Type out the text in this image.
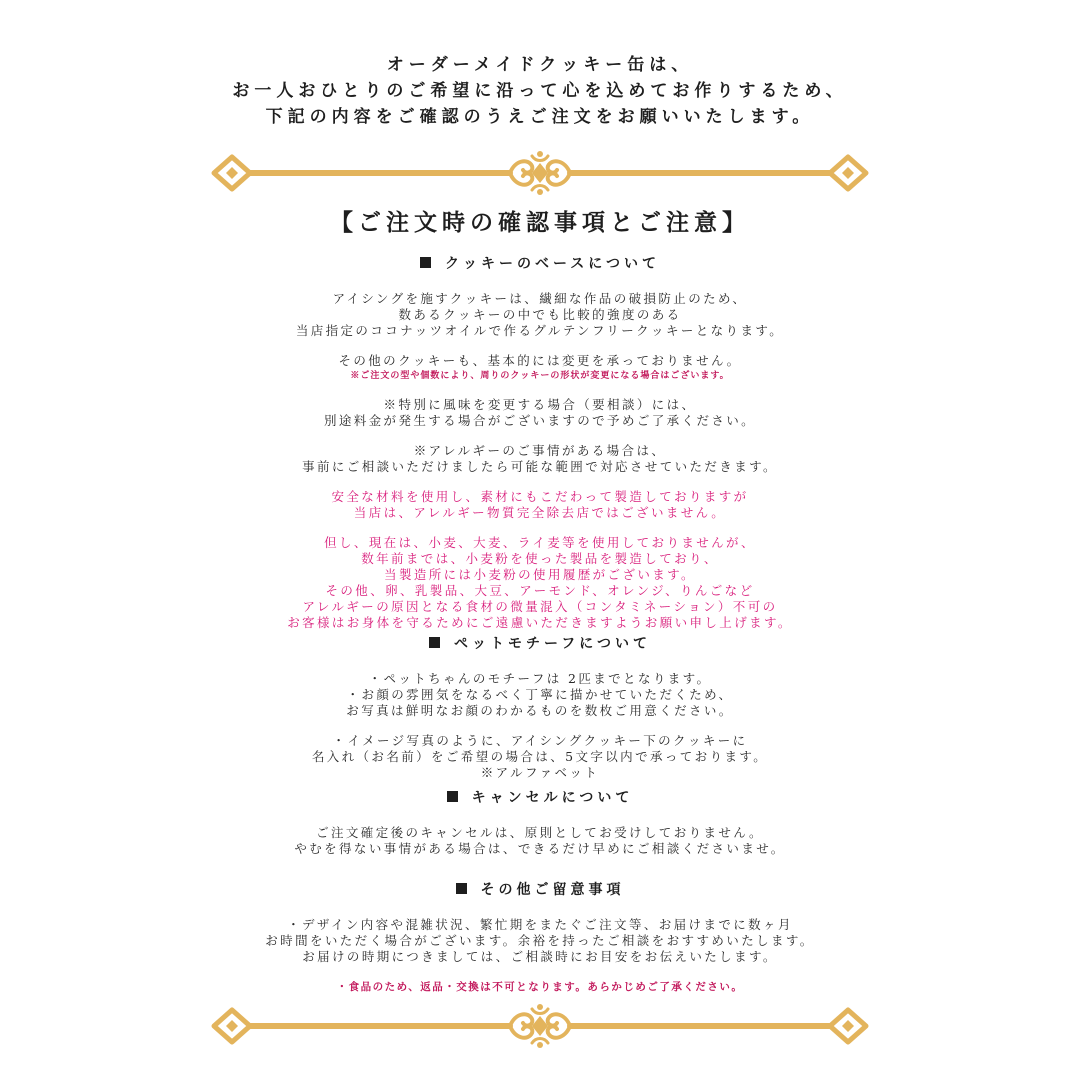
オーダーメイドクッキー缶は、

お一人おひとりのご希望に沿って心を込めてお作りするため、

下記の内容をご確認のうえご注文をお願いいたします。

【ご注文時の確認事項とご注意】
クッキーのベースについて

アイシングを施すクッキーは、繊細な作品の破損防止のため、

数あるクッキーの中でも比較的強度のある

当店指定のココナッツオイルで作るグルテンフリークッキーとなります。

その他のクッキーも、基本的には変更を承っておりません。

※ご注文の型や個数により、周りのクッキーの形状が変更になる場合はございます。

※特別に風味を変更する場合（要相談）には、

別途料金が発生する場合がございますので予めご了承ください。

※アレルギーのご事情がある場合は、

事前にご相談いただけましたら可能な範囲で対応させていただきます。

安全な材料を使用し、素材にもこだわって製造しておりますが

当店は、アレルギー物質完全除去店ではございません。

但し、現在は、小麦、大麦、ライ麦等を使用しておりませんが、

数年前までは、小麦粉を使った製品を製造しており、

当製造所には小麦粉の使用履歴がございます。

その他、卵、乳製品、大豆、アーモンド、オレンジ、りんごなど

アレルギーの原因となる食材の微量混入（コンタミネーション）不可の

お客様はお身体を守るためにご遠慮いただきますようお願い申し上げます。

ペットモチーフについて

・ペットちゃんのモチーフは 2匹までとなります。

・お顔の雰囲気をなるべく丁寧に描かせていただくため、

お写真は鮮明なお顔のわかるものを数枚ご用意ください。

・イメージ写真のように、アイシングクッキー下のクッキーに

名入れ（お名前）をご希望の場合は、5文字以内で承っております。

※アルファベット

キャンセルについて

ご注文確定後のキャンセルは、原則としてお受けしておりません。

やむを得ない事情がある場合は、できるだけ早めにご相談くださいませ。

その他ご留意事項

・デザイン内容や混雑状況、繁忙期をまたぐご注文等、お届けまでに数ヶ月

お時間をいただく場合がございます。余裕を持ったご相談をおすすめいたします。

お届けの時期につきましては、ご相談時にお目安をお伝えいたします。

・食品のため、返品・交換は不可となります。あらかじめご了承ください。
